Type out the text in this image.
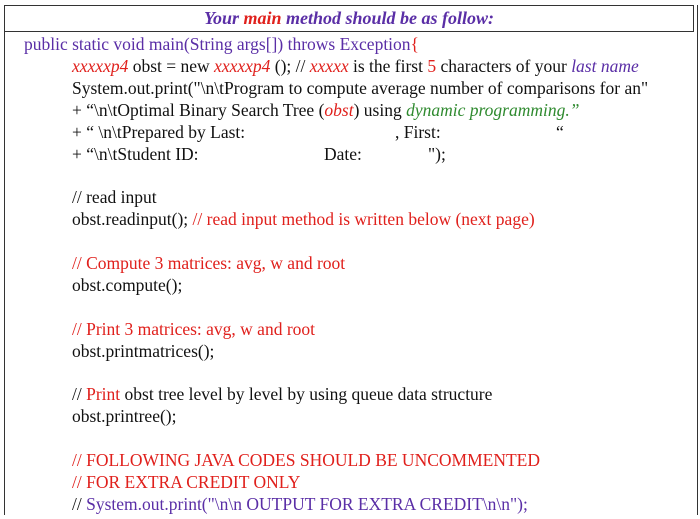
Your main method should be as follow:
public static void main(String args[]) throws Exception{
xxxxxp4 obst = new xxxxxp4 (); // xxxxx is the first 5 characters of your last name
System.out.print("\n\tProgram to compute average number of comparisons for an"
+ “\n\tOptimal Binary Search Tree (obst) using dynamic programming.”
+ “ \n\tPrepared by Last:	, First:	“
+ “\n\tStudent ID:	Date:	");
// read input
obst.readinput(); // read input method is written below (next page)
// Compute 3 matrices: avg, w and root
obst.compute();
// Print 3 matrices: avg, w and root
obst.printmatrices();
// Print obst tree level by level by using queue data structure
obst.printree();
// FOLLOWING JAVA CODES SHOULD BE UNCOMMENTED
// FOR EXTRA CREDIT ONLY
// System.out.print("\n\n OUTPUT FOR EXTRA CREDIT\n\n");
